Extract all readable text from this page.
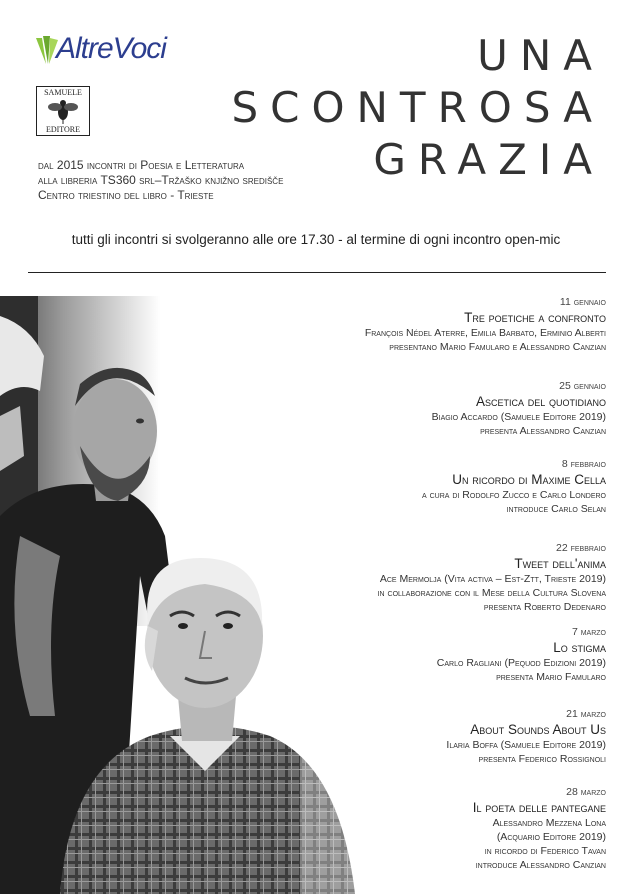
AltreVoci
SAMUELE
EDITORE
UNA
SCONTROSA
GRAZIA
dal 2015 incontri di Poesia e Letteratura
alla libreria TS360 srl–Tržaško knjižno središče
Centro triestino del libro - Trieste
tutti gli incontri si svolgeranno alle ore 17.30 - al termine di ogni incontro open-mic
11 gennaio
Tre poetiche a confronto
François Nédel Aterre, Emilia Barbato, Erminio Alberti
presentano Mario Famularo e Alessandro Canzian
25 gennaio
Ascetica del quotidiano
Biagio Accardo (Samuele Editore 2019)
presenta Alessandro Canzian
8 febbraio
Un ricordo di Maxime Cella
a cura di Rodolfo Zucco e Carlo Londero
introduce Carlo Selan
22 febbraio
Tweet dell'anima
Ace Mermolja (Vita activa – Est-Ztt, Trieste 2019)
in collaborazione con il Mese della Cultura Slovena
presenta Roberto Dedenaro
7 marzo
Lo stigma
Carlo Ragliani (Pequod Edizioni 2019)
presenta Mario Famularo
21 marzo
About Sounds About Us
Ilaria Boffa (Samuele Editore 2019)
presenta Federico Rossignoli
28 marzo
Il poeta delle pantegane
Alessandro Mezzena Lona
(Acquario Editore 2019)
in ricordo di Federico Tavan
introduce Alessandro Canzian
